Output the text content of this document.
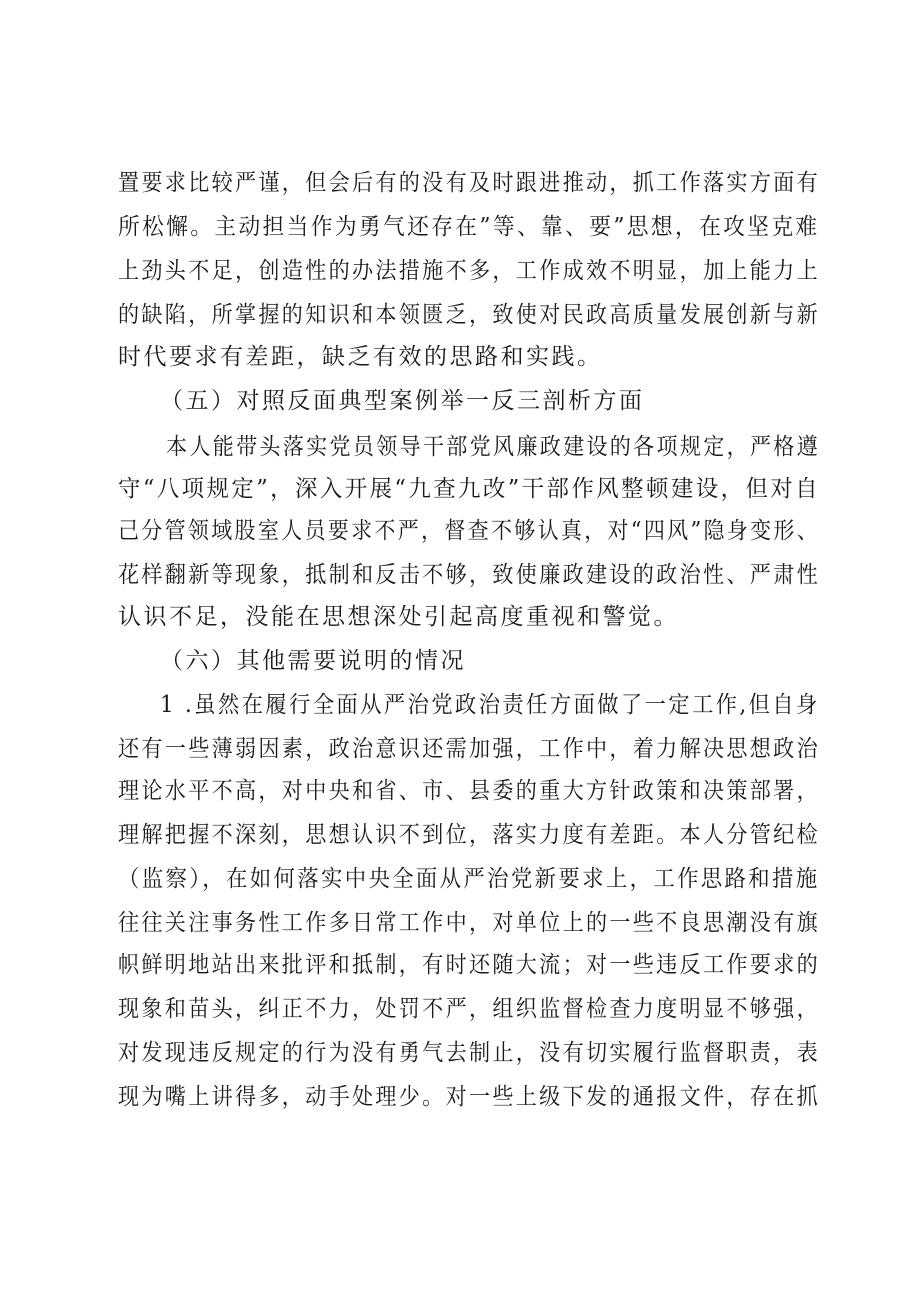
置要求比较严谨，但会后有的没有及时跟进推动，抓工作落实方面有
所松懈。主动担当作为勇气还存在”等、靠、要”思想，在攻坚克难
上劲头不足，创造性的办法措施不多，工作成效不明显，加上能力上
的缺陷，所掌握的知识和本领匮乏，致使对民政高质量发展创新与新
时代要求有差距，缺乏有效的思路和实践。
（五）对照反面典型案例举一反三剖析方面
本人能带头落实党员领导干部党风廉政建设的各项规定，严格遵
守“八项规定”，深入开展“九查九改”干部作风整顿建设，但对自
己分管领域股室人员要求不严，督查不够认真，对“四风”隐身变形、
花样翻新等现象，抵制和反击不够，致使廉政建设的政治性、严肃性
认识不足，没能在思想深处引起高度重视和警觉。
（六）其他需要说明的情况
1 .虽然在履行全面从严治党政治责任方面做了一定工作,但自身
还有一些薄弱因素，政治意识还需加强，工作中，着力解决思想政治
理论水平不高，对中央和省、市、县委的重大方针政策和决策部署，
理解把握不深刻，思想认识不到位，落实力度有差距。本人分管纪检
（监察），在如何落实中央全面从严治党新要求上，工作思路和措施
往往关注事务性工作多日常工作中，对单位上的一些不良思潮没有旗
帜鲜明地站出来批评和抵制，有时还随大流；对一些违反工作要求的
现象和苗头，纠正不力，处罚不严，组织监督检查力度明显不够强，
对发现违反规定的行为没有勇气去制止，没有切实履行监督职责，表
现为嘴上讲得多，动手处理少。对一些上级下发的通报文件，存在抓
